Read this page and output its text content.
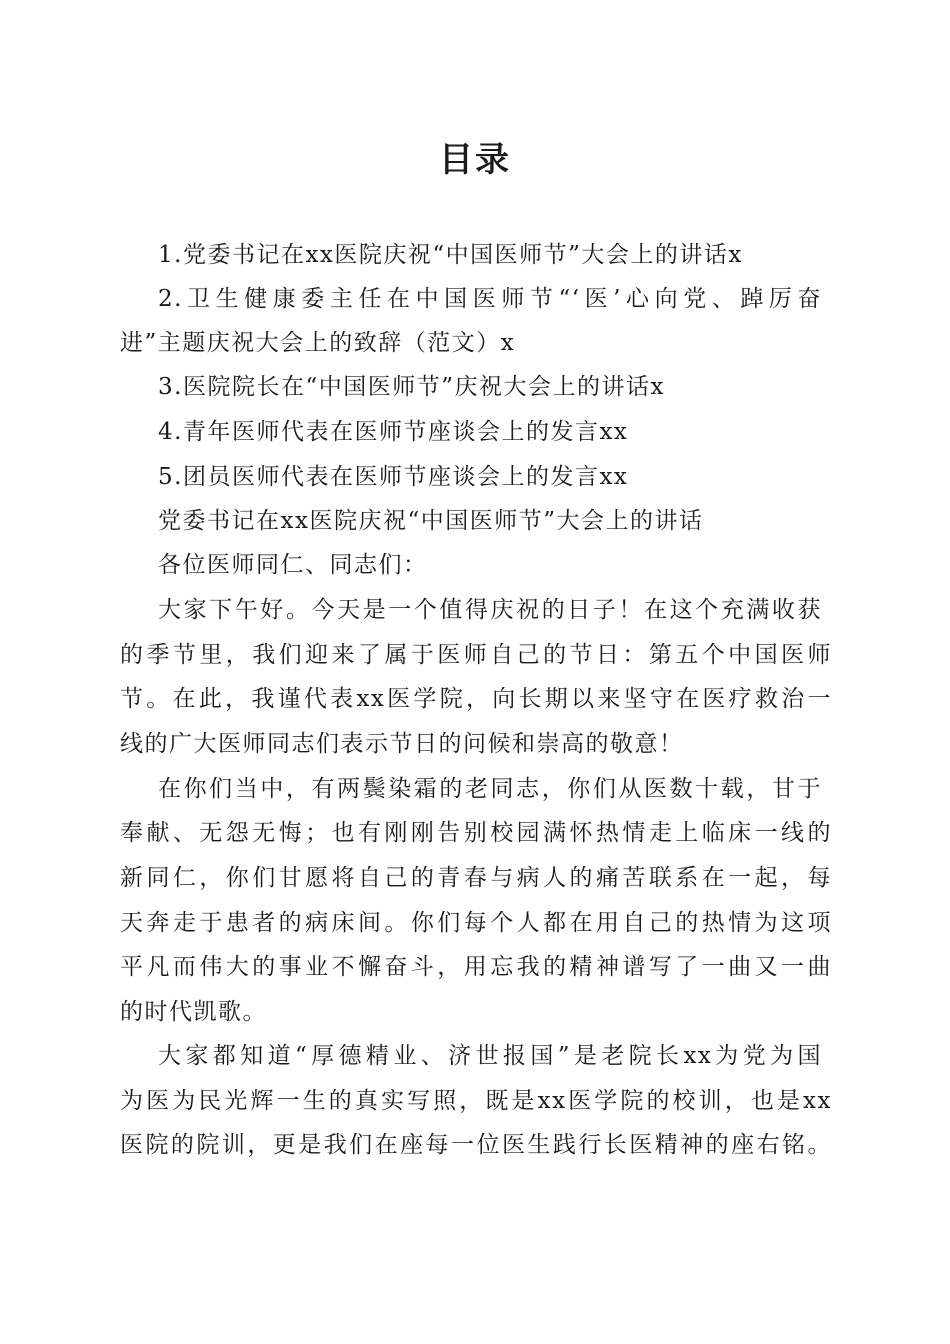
目录
1.党委书记在xx医院庆祝“中国医师节”大会上的讲话x
2.卫生健康委主任在中国医师节“‘医’心向党、踔厉奋
进”主题庆祝大会上的致辞（范文）x
3.医院院长在“中国医师节”庆祝大会上的讲话x
4.青年医师代表在医师节座谈会上的发言xx
5.团员医师代表在医师节座谈会上的发言xx
党委书记在xx医院庆祝“中国医师节”大会上的讲话
各位医师同仁、同志们：
大家下午好。今天是一个值得庆祝的日子！在这个充满收获
的季节里，我们迎来了属于医师自己的节日：第五个中国医师
节。在此，我谨代表xx医学院，向长期以来坚守在医疗救治一
线的广大医师同志们表示节日的问候和崇高的敬意！
在你们当中，有两鬓染霜的老同志，你们从医数十载，甘于
奉献、无怨无悔；也有刚刚告别校园满怀热情走上临床一线的
新同仁，你们甘愿将自己的青春与病人的痛苦联系在一起，每
天奔走于患者的病床间。你们每个人都在用自己的热情为这项
平凡而伟大的事业不懈奋斗，用忘我的精神谱写了一曲又一曲
的时代凯歌。
大家都知道“厚德精业、济世报国”是老院长xx为党为国
为医为民光辉一生的真实写照，既是xx医学院的校训，也是xx
医院的院训，更是我们在座每一位医生践行长医精神的座右铭。
